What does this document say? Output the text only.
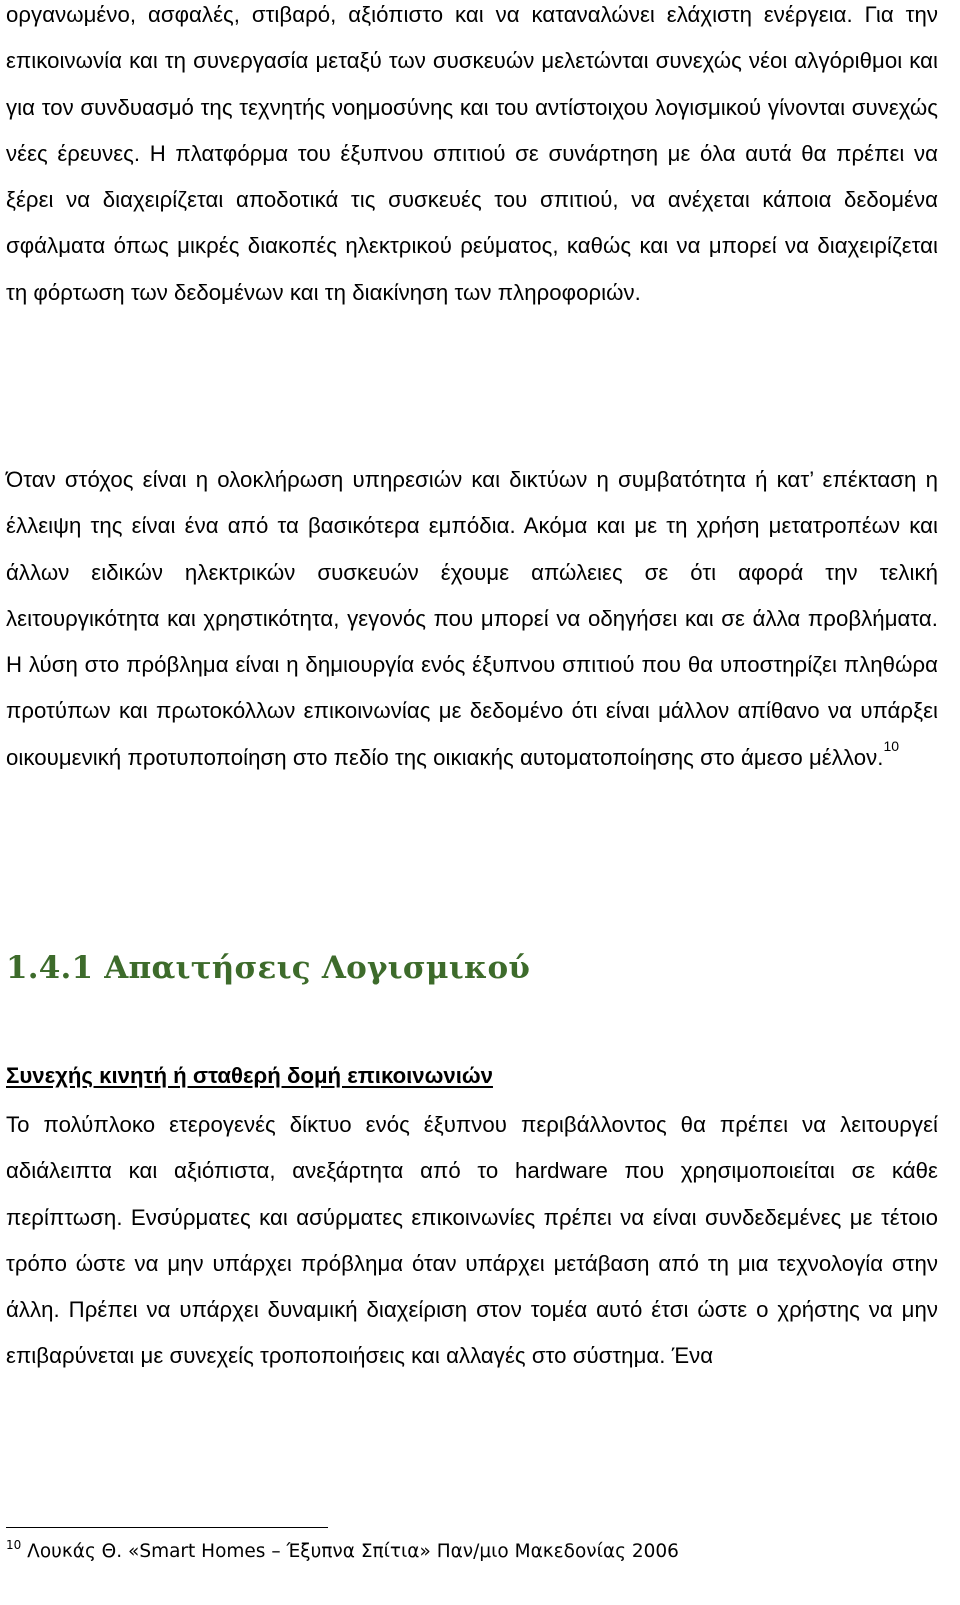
οργανωμένο, ασφαλές, στιβαρό, αξιόπιστο και να καταναλώνει ελάχιστη ενέργεια. Για την επικοινωνία και τη συνεργασία μεταξύ των συσκευών μελετώνται συνεχώς νέοι αλγόριθμοι και για τον συνδυασμό της τεχνητής νοημοσύνης και του αντίστοιχου λογισμικού γίνονται συνεχώς νέες έρευνες. Η πλατφόρμα του έξυπνου σπιτιού σε συνάρτηση με όλα αυτά θα πρέπει να ξέρει να διαχειρίζεται αποδοτικά τις συσκευές του σπιτιού, να ανέχεται κάποια δεδομένα σφάλματα όπως μικρές διακοπές ηλεκτρικού ρεύματος, καθώς και να μπορεί να διαχειρίζεται τη φόρτωση των δεδομένων και τη διακίνηση των πληροφοριών.

Όταν στόχος είναι η ολοκλήρωση υπηρεσιών και δικτύων η συμβατότητα ή κατ’ επέκταση η έλλειψη της είναι ένα από τα βασικότερα εμπόδια. Ακόμα και με τη χρήση μετατροπέων και άλλων ειδικών ηλεκτρικών συσκευών έχουμε απώλειες σε ότι αφορά την τελική λειτουργικότητα και χρηστικότητα, γεγονός που μπορεί να οδηγήσει και σε άλλα προβλήματα. Η λύση στο πρόβλημα είναι η δημιουργία ενός έξυπνου σπιτιού που θα υποστηρίζει πληθώρα προτύπων και πρωτοκόλλων επικοινωνίας με δεδομένο ότι είναι μάλλον απίθανο να υπάρξει οικουμενική προτυποποίηση στο πεδίο της οικιακής αυτοματοποίησης στο άμεσο μέλλον.$^{10}$

1.4.1 Απαιτήσεις Λογισμικού
Συνεχής κινητή ή σταθερή δομή επικοινωνιών

Το πολύπλοκο ετερογενές δίκτυο ενός έξυπνου περιβάλλοντος θα πρέπει να λειτουργεί αδιάλειπτα και αξιόπιστα, ανεξάρτητα από το hardware που χρησιμοποιείται σε κάθε περίπτωση. Ενσύρματες και ασύρματες επικοινωνίες πρέπει να είναι συνδεδεμένες με τέτοιο τρόπο ώστε να μην υπάρχει πρόβλημα όταν υπάρχει μετάβαση από τη μια τεχνολογία στην άλλη. Πρέπει να υπάρχει δυναμική διαχείριση στον τομέα αυτό έτσι ώστε ο χρήστης να μην επιβαρύνεται με συνεχείς τροποποιήσεις και αλλαγές στο σύστημα. Ένα

$^{10}$ Λουκάς Θ. «Smart Homes – Έξυπνα Σπίτια» Παν/μιο Μακεδονίας 2006
